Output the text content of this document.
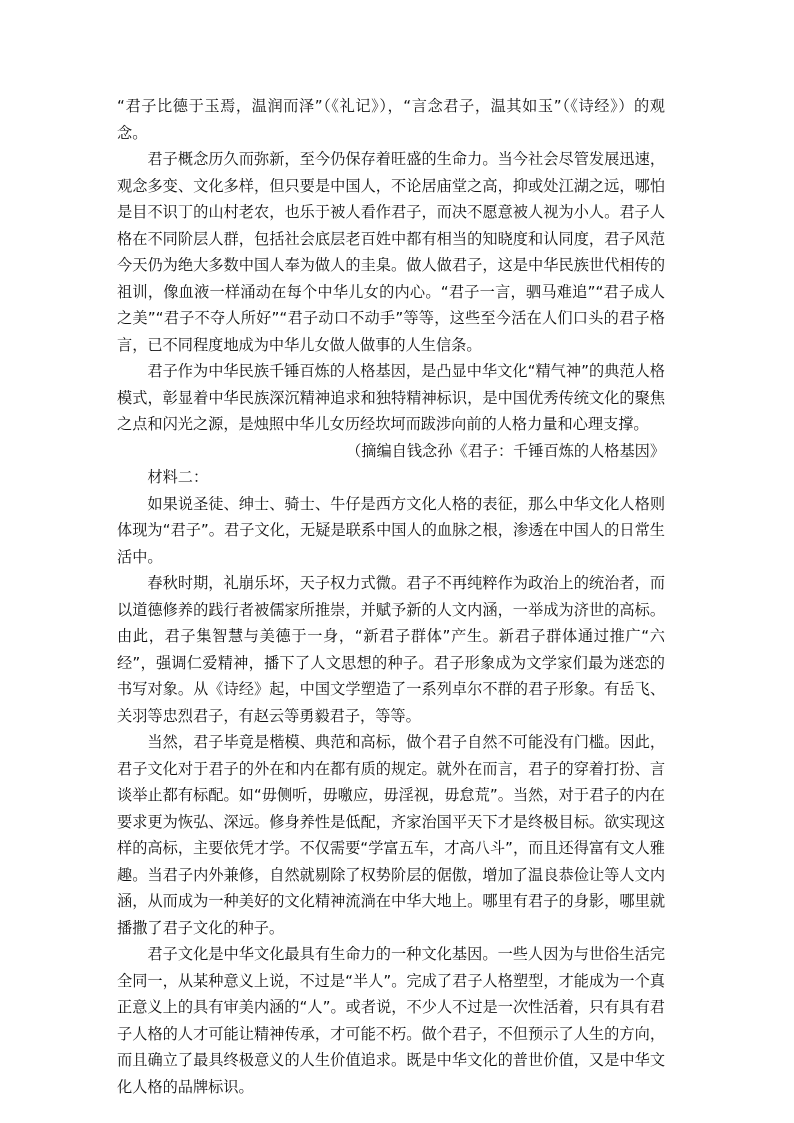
“君子比德于玉焉，温润而泽”（《礼记》），“言念君子，温其如玉”（《诗经》）的观念。

君子概念历久而弥新，至今仍保存着旺盛的生命力。当今社会尽管发展迅速，观念多变、文化多样，但只要是中国人，不论居庙堂之高，抑或处江湖之远，哪怕是目不识丁的山村老农，也乐于被人看作君子，而决不愿意被人视为小人。君子人格在不同阶层人群，包括社会底层老百姓中都有相当的知晓度和认同度，君子风范今天仍为绝大多数中国人奉为做人的圭臬。做人做君子，这是中华民族世代相传的祖训，像血液一样涌动在每个中华儿女的内心。“君子一言，驷马难追”“君子成人之美”“君子不夺人所好”“君子动口不动手”等等，这些至今活在人们口头的君子格言，已不同程度地成为中华儿女做人做事的人生信条。

君子作为中华民族千锤百炼的人格基因，是凸显中华文化“精气神”的典范人格模式，彰显着中华民族深沉精神追求和独特精神标识，是中国优秀传统文化的聚焦之点和闪光之源，是烛照中华儿女历经坎坷而跋涉向前的人格力量和心理支撑。

（摘编自钱念孙《君子：千锤百炼的人格基因》

材料二：

如果说圣徒、绅士、骑士、牛仔是西方文化人格的表征，那么中华文化人格则体现为“君子”。君子文化，无疑是联系中国人的血脉之根，渗透在中国人的日常生活中。

春秋时期，礼崩乐坏，天子权力式微。君子不再纯粹作为政治上的统治者，而以道德修养的践行者被儒家所推崇，并赋予新的人文内涵，一举成为济世的高标。由此，君子集智慧与美德于一身，“新君子群体”产生。新君子群体通过推广“六经”，强调仁爱精神，播下了人文思想的种子。君子形象成为文学家们最为迷恋的书写对象。从《诗经》起，中国文学塑造了一系列卓尔不群的君子形象。有岳飞、关羽等忠烈君子，有赵云等勇毅君子，等等。

当然，君子毕竟是楷模、典范和高标，做个君子自然不可能没有门槛。因此，君子文化对于君子的外在和内在都有质的规定。就外在而言，君子的穿着打扮、言谈举止都有标配。如“毋侧听，毋噭应，毋淫视，毋怠荒”。当然，对于君子的内在要求更为恢弘、深远。修身养性是低配，齐家治国平天下才是终极目标。欲实现这样的高标，主要依凭才学。不仅需要“学富五车，才高八斗”，而且还得富有文人雅趣。当君子内外兼修，自然就剔除了权势阶层的倨傲，增加了温良恭俭让等人文内涵，从而成为一种美好的文化精神流淌在中华大地上。哪里有君子的身影，哪里就播撒了君子文化的种子。

君子文化是中华文化最具有生命力的一种文化基因。一些人因为与世俗生活完全同一，从某种意义上说，不过是“半人”。完成了君子人格塑型，才能成为一个真正意义上的具有审美内涵的“人”。或者说，不少人不过是一次性活着，只有具有君子人格的人才可能让精神传承，才可能不朽。做个君子，不但预示了人生的方向，而且确立了最具终极意义的人生价值追求。既是中华文化的普世价值，又是中华文化人格的品牌标识。
